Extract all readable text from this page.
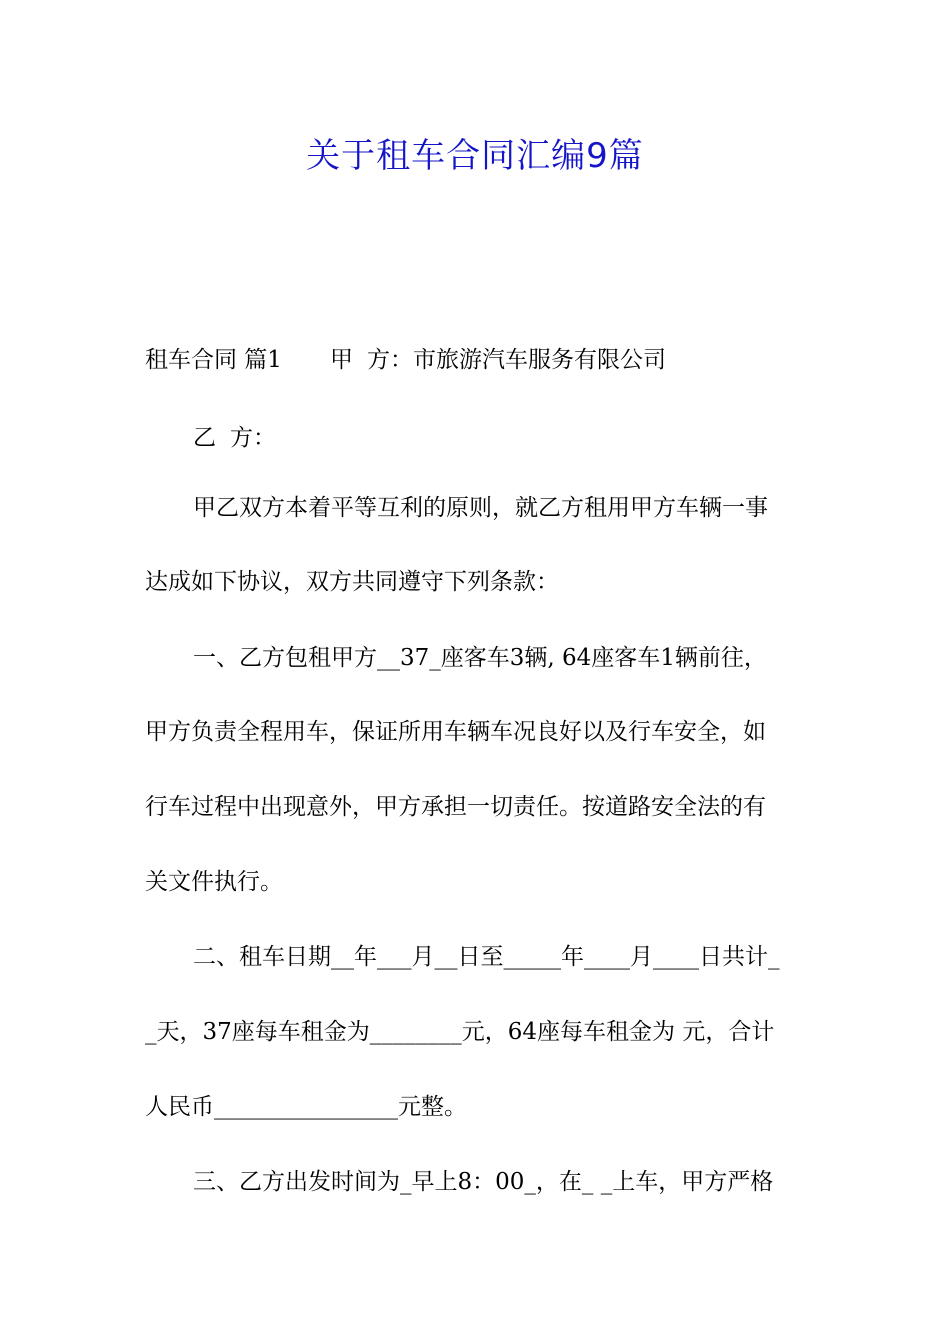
关于租车合同汇编9篇
租车合同 篇1 甲 方：市旅游汽车服务有限公司
乙 方：
甲乙双方本着平等互利的原则，就乙方租用甲方车辆一事
达成如下协议，双方共同遵守下列条款：
一、乙方包租甲方__37_座客车3辆, 64座客车1辆前往，
甲方负责全程用车，保证所用车辆车况良好以及行车安全，如
行车过程中出现意外，甲方承担一切责任。按道路安全法的有
关文件执行。
二、租车日期__年___月__日至_____年____月____日共计_
_天，37座每车租金为________元，64座每车租金为 元，合计
人民币________________元整。
三、乙方出发时间为_早上8：00_，在_ _上车，甲方严格
